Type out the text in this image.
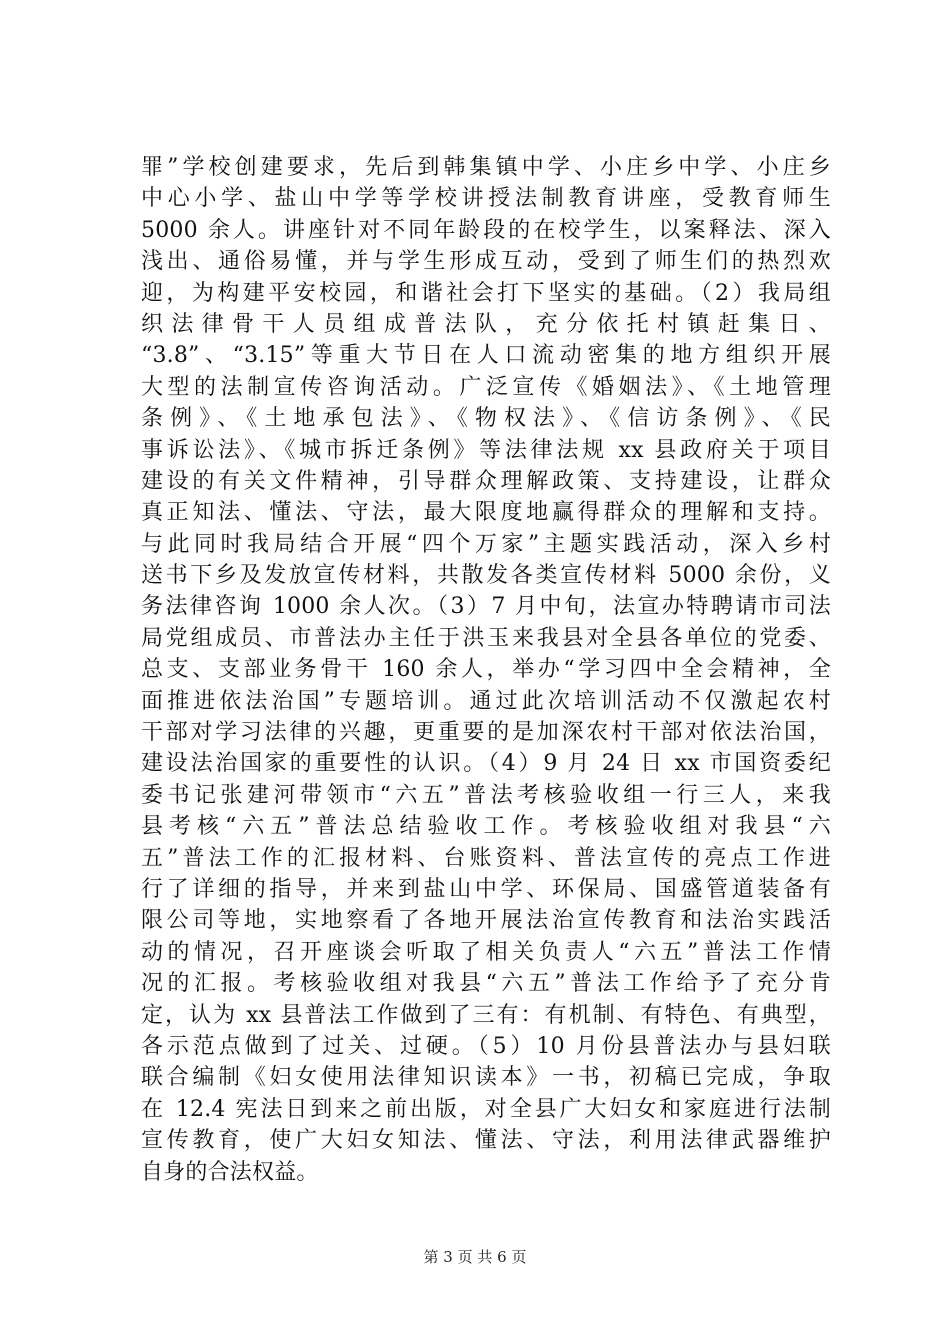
罪”学校创建要求，先后到韩集镇中学、小庄乡中学、小庄乡
中心小学、盐山中学等学校讲授法制教育讲座，受教育师生
5000 余人。讲座针对不同年龄段的在校学生，以案释法、深入
浅出、通俗易懂，并与学生形成互动，受到了师生们的热烈欢
迎，为构建平安校园，和谐社会打下坚实的基础。（2）我局组
织法律骨干人员组成普法队，充分依托村镇赶集日、
“3.8”、“3.15”等重大节日在人口流动密集的地方组织开展
大型的法制宣传咨询活动。广泛宣传《婚姻法》、《土地管理
条例》、《土地承包法》、《物权法》、《信访条例》、《民
事诉讼法》、《城市拆迁条例》等法律法规 xx 县政府关于项目
建设的有关文件精神，引导群众理解政策、支持建设，让群众
真正知法、懂法、守法，最大限度地赢得群众的理解和支持。
与此同时我局结合开展“四个万家”主题实践活动，深入乡村
送书下乡及发放宣传材料，共散发各类宣传材料 5000 余份，义
务法律咨询 1000 余人次。（3）7 月中旬，法宣办特聘请市司法
局党组成员、市普法办主任于洪玉来我县对全县各单位的党委、
总支、支部业务骨干 160 余人，举办“学习四中全会精神，全
面推进依法治国”专题培训。通过此次培训活动不仅激起农村
干部对学习法律的兴趣，更重要的是加深农村干部对依法治国，
建设法治国家的重要性的认识。（4）9 月 24 日 xx 市国资委纪
委书记张建河带领市“六五”普法考核验收组一行三人，来我
县考核“六五”普法总结验收工作。考核验收组对我县“六
五”普法工作的汇报材料、台账资料、普法宣传的亮点工作进
行了详细的指导，并来到盐山中学、环保局、国盛管道装备有
限公司等地，实地察看了各地开展法治宣传教育和法治实践活
动的情况，召开座谈会听取了相关负责人“六五”普法工作情
况的汇报。考核验收组对我县“六五”普法工作给予了充分肯
定，认为 xx 县普法工作做到了三有：有机制、有特色、有典型，
各示范点做到了过关、过硬。（5）10 月份县普法办与县妇联
联合编制《妇女使用法律知识读本》一书，初稿已完成，争取
在 12.4 宪法日到来之前出版，对全县广大妇女和家庭进行法制
宣传教育，使广大妇女知法、懂法、守法，利用法律武器维护
自身的合法权益。
第 3 页 共 6 页
